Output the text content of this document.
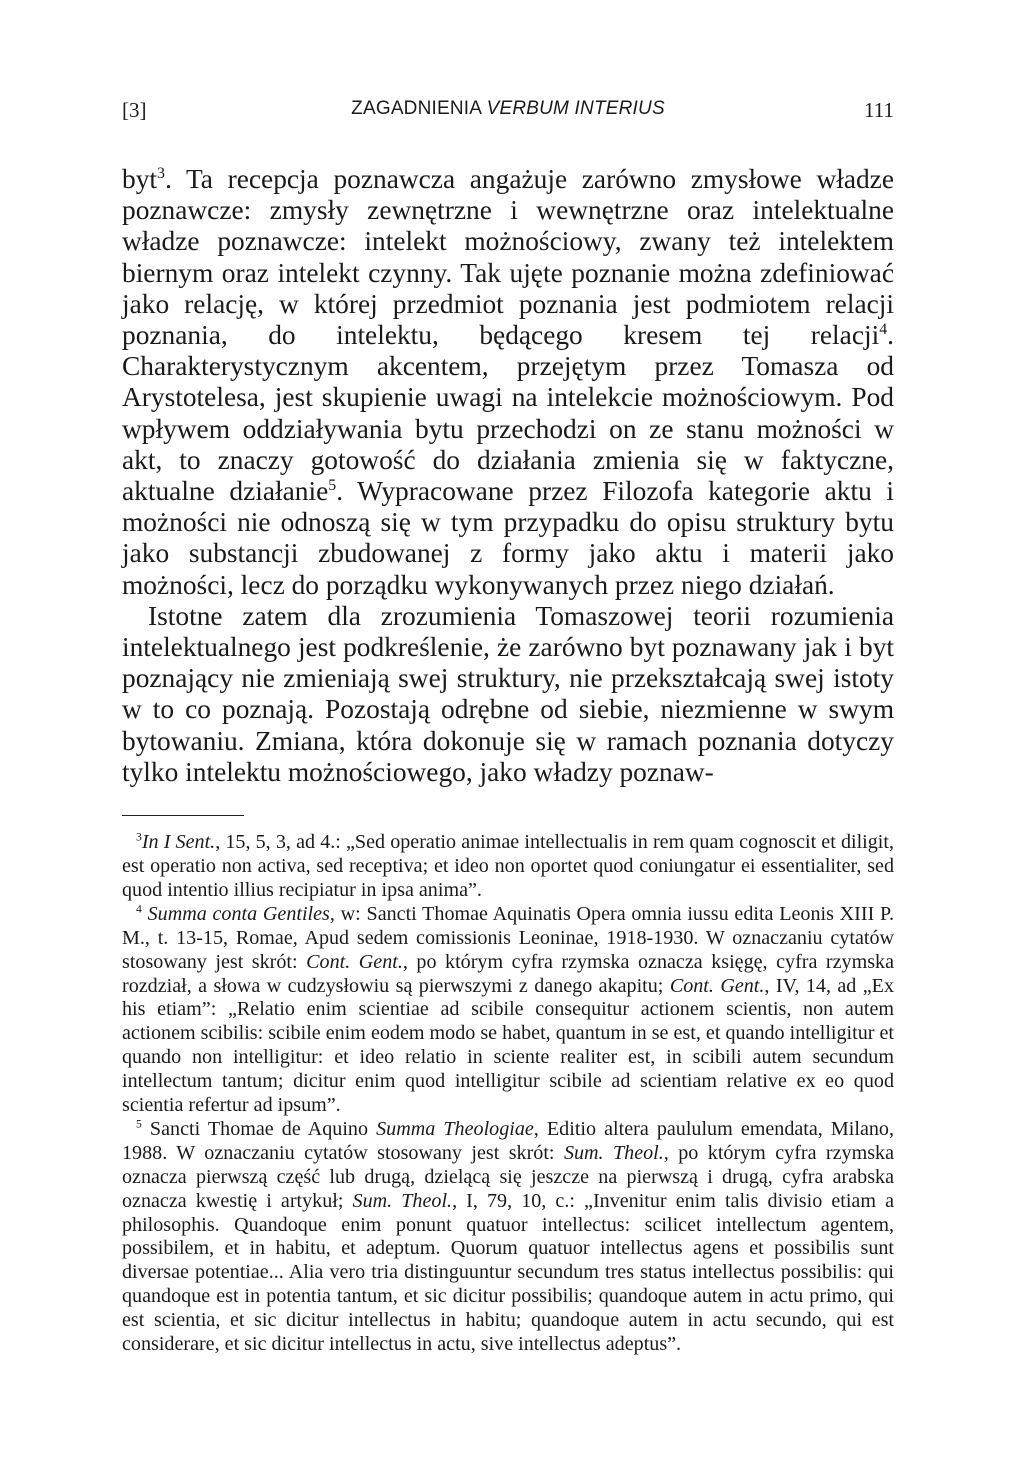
[3]	ZAGADNIENIA VERBUM INTERIUS	111

byt$^3$. Ta recepcja poznawcza angażuje zarówno zmysłowe władze poznawcze: zmysły zewnętrzne i wewnętrzne oraz intelektualne władze poznawcze: intelekt możnościowy, zwany też intelektem biernym oraz intelekt czynny. Tak ujęte poznanie można zdefiniować jako relację, w której przedmiot poznania jest podmiotem relacji poznania, do intelektu, będącego kresem tej relacji$^4$. Charakterystycznym akcentem, przejętym przez Tomasza od Arystotelesa, jest skupienie uwagi na intelekcie możnościowym. Pod wpływem oddziaływania bytu przechodzi on ze stanu możności w akt, to znaczy gotowość do działania zmienia się w faktyczne, aktualne działanie$^5$. Wypracowane przez Filozofa kategorie aktu i możności nie odnoszą się w tym przypadku do opisu struktury bytu jako substancji zbudowanej z formy jako aktu i materii jako możności, lecz do porządku wykonywanych przez niego działań.

Istotne zatem dla zrozumienia Tomaszowej teorii rozumienia intelektualnego jest podkreślenie, że zarówno byt poznawany jak i byt poznający nie zmieniają swej struktury, nie przekształcają swej istoty w to co poznają. Pozostają odrębne od siebie, niezmienne w swym bytowaniu. Zmiana, która dokonuje się w ramach poznania dotyczy tylko intelektu możnościowego, jako władzy poznaw-

$^3$In I Sent., 15, 5, 3, ad 4.: „Sed operatio animae intellectualis in rem quam cognoscit et diligit, est operatio non activa, sed receptiva; et ideo non oportet quod coniungatur ei essentialiter, sed quod intentio illius recipiatur in ipsa anima”.

$^4$ Summa conta Gentiles, w: Sancti Thomae Aquinatis Opera omnia iussu edita Leonis XIII P. M., t. 13-15, Romae, Apud sedem comissionis Leoninae, 1918-1930. W oznaczaniu cytatów stosowany jest skrót: Cont. Gent., po którym cyfra rzymska oznacza księgę, cyfra rzymska rozdział, a słowa w cudzysłowiu są pierwszymi z danego akapitu; Cont. Gent., IV, 14, ad „Ex his etiam”: „Relatio enim scientiae ad scibile consequitur actionem scientis, non autem actionem scibilis: scibile enim eodem modo se habet, quantum in se est, et quando intelligitur et quando non intelligitur: et ideo relatio in sciente realiter est, in scibili autem secundum intellectum tantum; dicitur enim quod intelligitur scibile ad scientiam relative ex eo quod scientia refertur ad ipsum”.

$^5$ Sancti Thomae de Aquino Summa Theologiae, Editio altera paululum emendata, Milano, 1988. W oznaczaniu cytatów stosowany jest skrót: Sum. Theol., po którym cyfra rzymska oznacza pierwszą część lub drugą, dzielącą się jeszcze na pierwszą i drugą, cyfra arabska oznacza kwestię i artykuł; Sum. Theol., I, 79, 10, c.: „Invenitur enim talis divisio etiam a philosophis. Quandoque enim ponunt quatuor intellectus: scilicet intellectum agentem, possibilem, et in habitu, et adeptum. Quorum quatuor intellectus agens et possibilis sunt diversae potentiae... Alia vero tria distinguuntur secundum tres status intellectus possibilis: qui quandoque est in potentia tantum, et sic dicitur possibilis; quandoque autem in actu primo, qui est scientia, et sic dicitur intellectus in habitu; quandoque autem in actu secundo, qui est considerare, et sic dicitur intellectus in actu, sive intellectus adeptus”.
